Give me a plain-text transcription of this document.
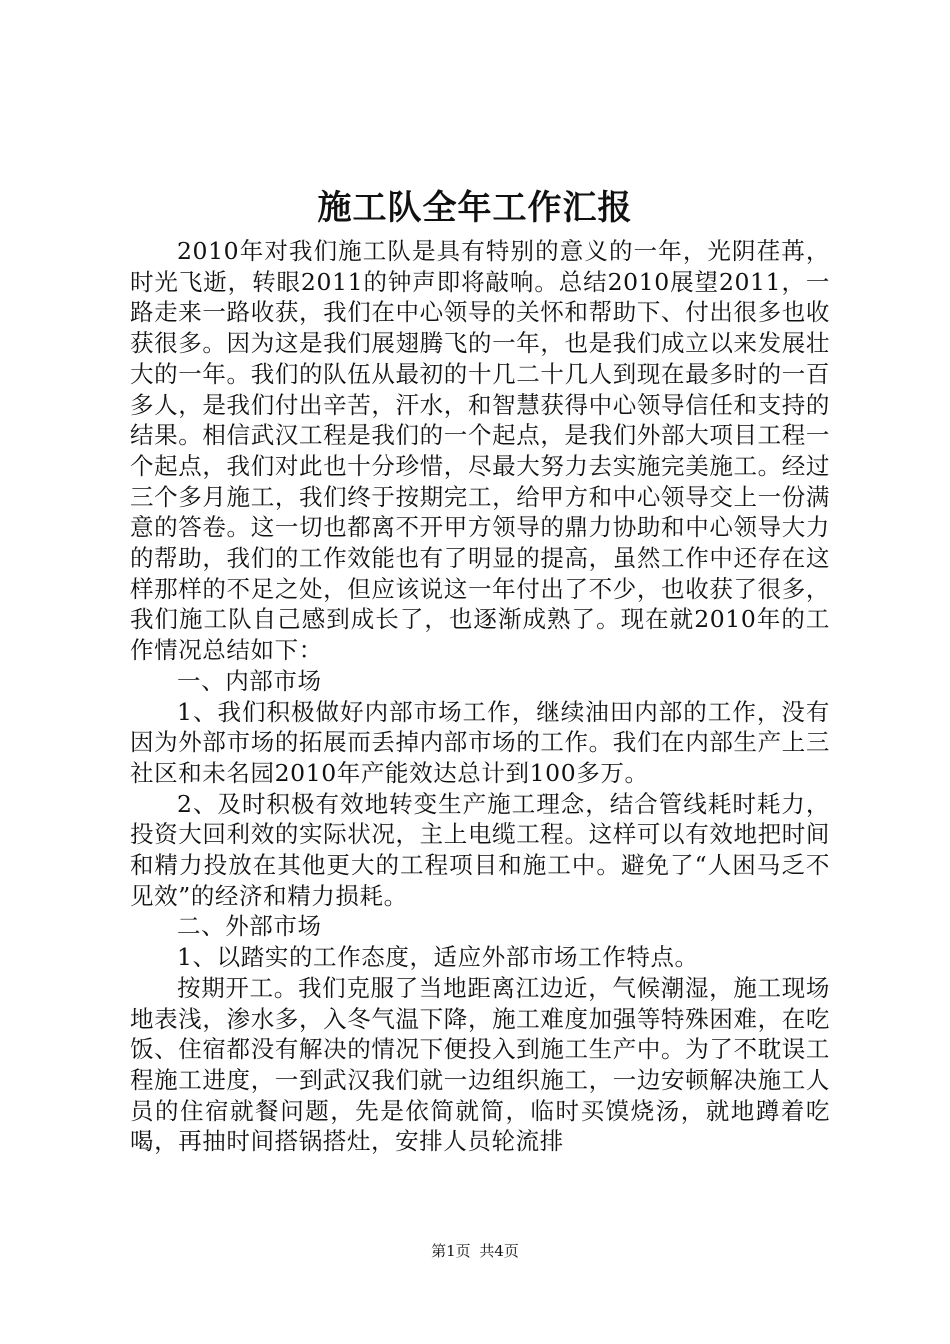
施工队全年工作汇报

2010年对我们施工队是具有特别的意义的一年，光阴荏苒，时光飞逝，转眼2011的钟声即将敲响。总结2010展望2011，一路走来一路收获，我们在中心领导的关怀和帮助下、付出很多也收获很多。因为这是我们展翅腾飞的一年，也是我们成立以来发展壮大的一年。我们的队伍从最初的十几二十几人到现在最多时的一百多人，是我们付出辛苦，汗水，和智慧获得中心领导信任和支持的结果。相信武汉工程是我们的一个起点，是我们外部大项目工程一个起点，我们对此也十分珍惜，尽最大努力去实施完美施工。经过三个多月施工，我们终于按期完工，给甲方和中心领导交上一份满意的答卷。这一切也都离不开甲方领导的鼎力协助和中心领导大力的帮助，我们的工作效能也有了明显的提高，虽然工作中还存在这样那样的不足之处，但应该说这一年付出了不少，也收获了很多，我们施工队自己感到成长了，也逐渐成熟了。现在就2010年的工作情况总结如下：

一、内部市场

1、我们积极做好内部市场工作，继续油田内部的工作，没有因为外部市场的拓展而丢掉内部市场的工作。我们在内部生产上三社区和未名园2010年产能效达总计到100多万。

2、及时积极有效地转变生产施工理念，结合管线耗时耗力，投资大回利效的实际状况，主上电缆工程。这样可以有效地把时间和精力投放在其他更大的工程项目和施工中。避免了“人困马乏不见效”的经济和精力损耗。

二、外部市场

1、以踏实的工作态度，适应外部市场工作特点。

按期开工。我们克服了当地距离江边近，气候潮湿，施工现场地表浅，渗水多，入冬气温下降，施工难度加强等特殊困难，在吃饭、住宿都没有解决的情况下便投入到施工生产中。为了不耽误工程施工进度，一到武汉我们就一边组织施工，一边安顿解决施工人员的住宿就餐问题，先是依简就简，临时买馍烧汤，就地蹲着吃喝，再抽时间搭锅搭灶，安排人员轮流排

第1页 共4页
